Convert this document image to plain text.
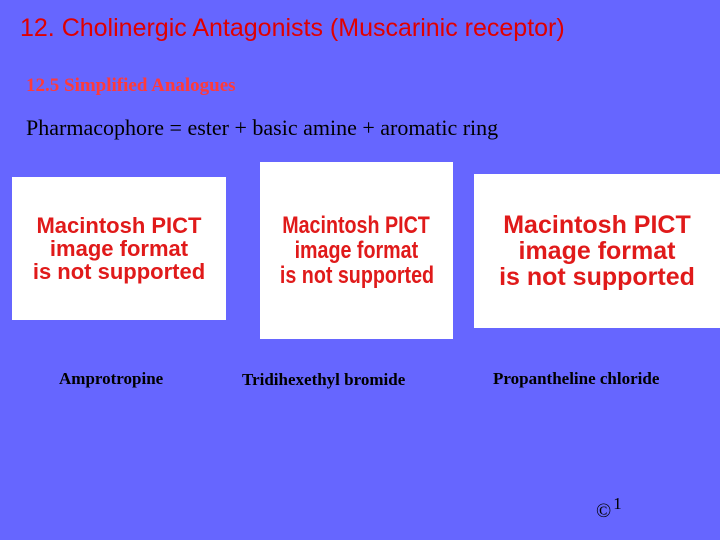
12. Cholinergic Antagonists (Muscarinic receptor)
12.5 Simplified Analogues
Pharmacophore = ester + basic amine + aromatic ring
Macintosh PICT
image format
is not supported
Macintosh PICT
image format
is not supported
Macintosh PICT
image format
is not supported
Amprotropine	Tridihexethyl bromide	Propantheline chloride
© 1
